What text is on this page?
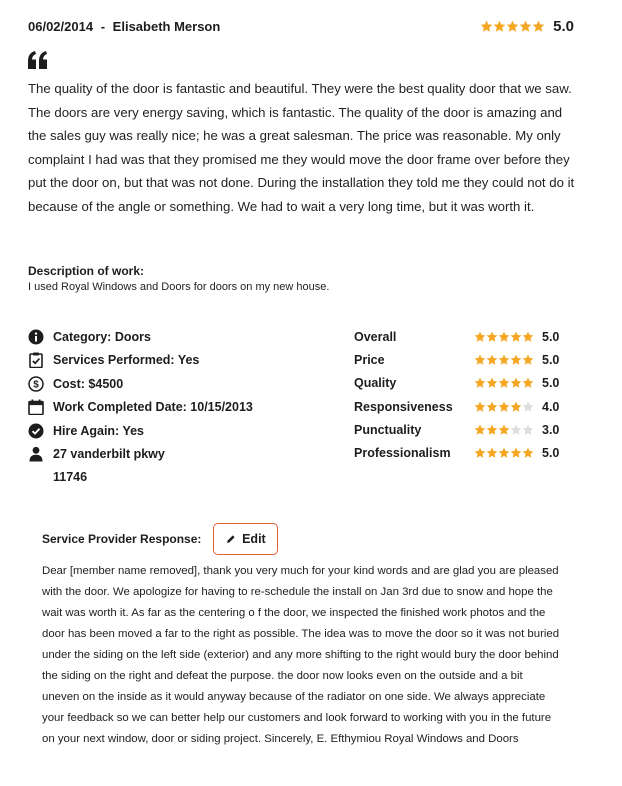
06/02/2014 - Elisabeth Merson	5.0
The quality of the door is fantastic and beautiful. They were the best quality door that we saw. The doors are very energy saving, which is fantastic. The quality of the door is amazing and the sales guy was really nice; he was a great salesman. The price was reasonable. My only complaint I had was that they promised me they would move the door frame over before they put the door on, but that was not done. During the installation they told me they could not do it because of the angle or something. We had to wait a very long time, but it was worth it.
Description of work:
I used Royal Windows and Doors for doors on my new house.
Category: Doors
Services Performed: Yes
$ Cost: $4500
Work Completed Date: 10/15/2013
Hire Again: Yes
27 vanderbilt pkwy
11746
Overall	5.0
Price	5.0
Quality	5.0
Responsiveness	4.0
Punctuality	3.0
Professionalism	5.0
Service Provider Response:	Edit
Dear [member name removed], thank you very much for your kind words and are glad you are pleased with the door. We apologize for having to re-schedule the install on Jan 3rd due to snow and hope the wait was worth it. As far as the centering o f the door, we inspected the finished work photos and the door has been moved a far to the right as possible. The idea was to move the door so it was not buried under the siding on the left side (exterior) and any more shifting to the right would bury the door behind the siding on the right and defeat the purpose. the door now looks even on the outside and a bit uneven on the inside as it would anyway because of the radiator on one side. We always appreciate your feedback so we can better help our customers and look forward to working with you in the future on your next window, door or siding project. Sincerely, E. Efthymiou Royal Windows and Doors
